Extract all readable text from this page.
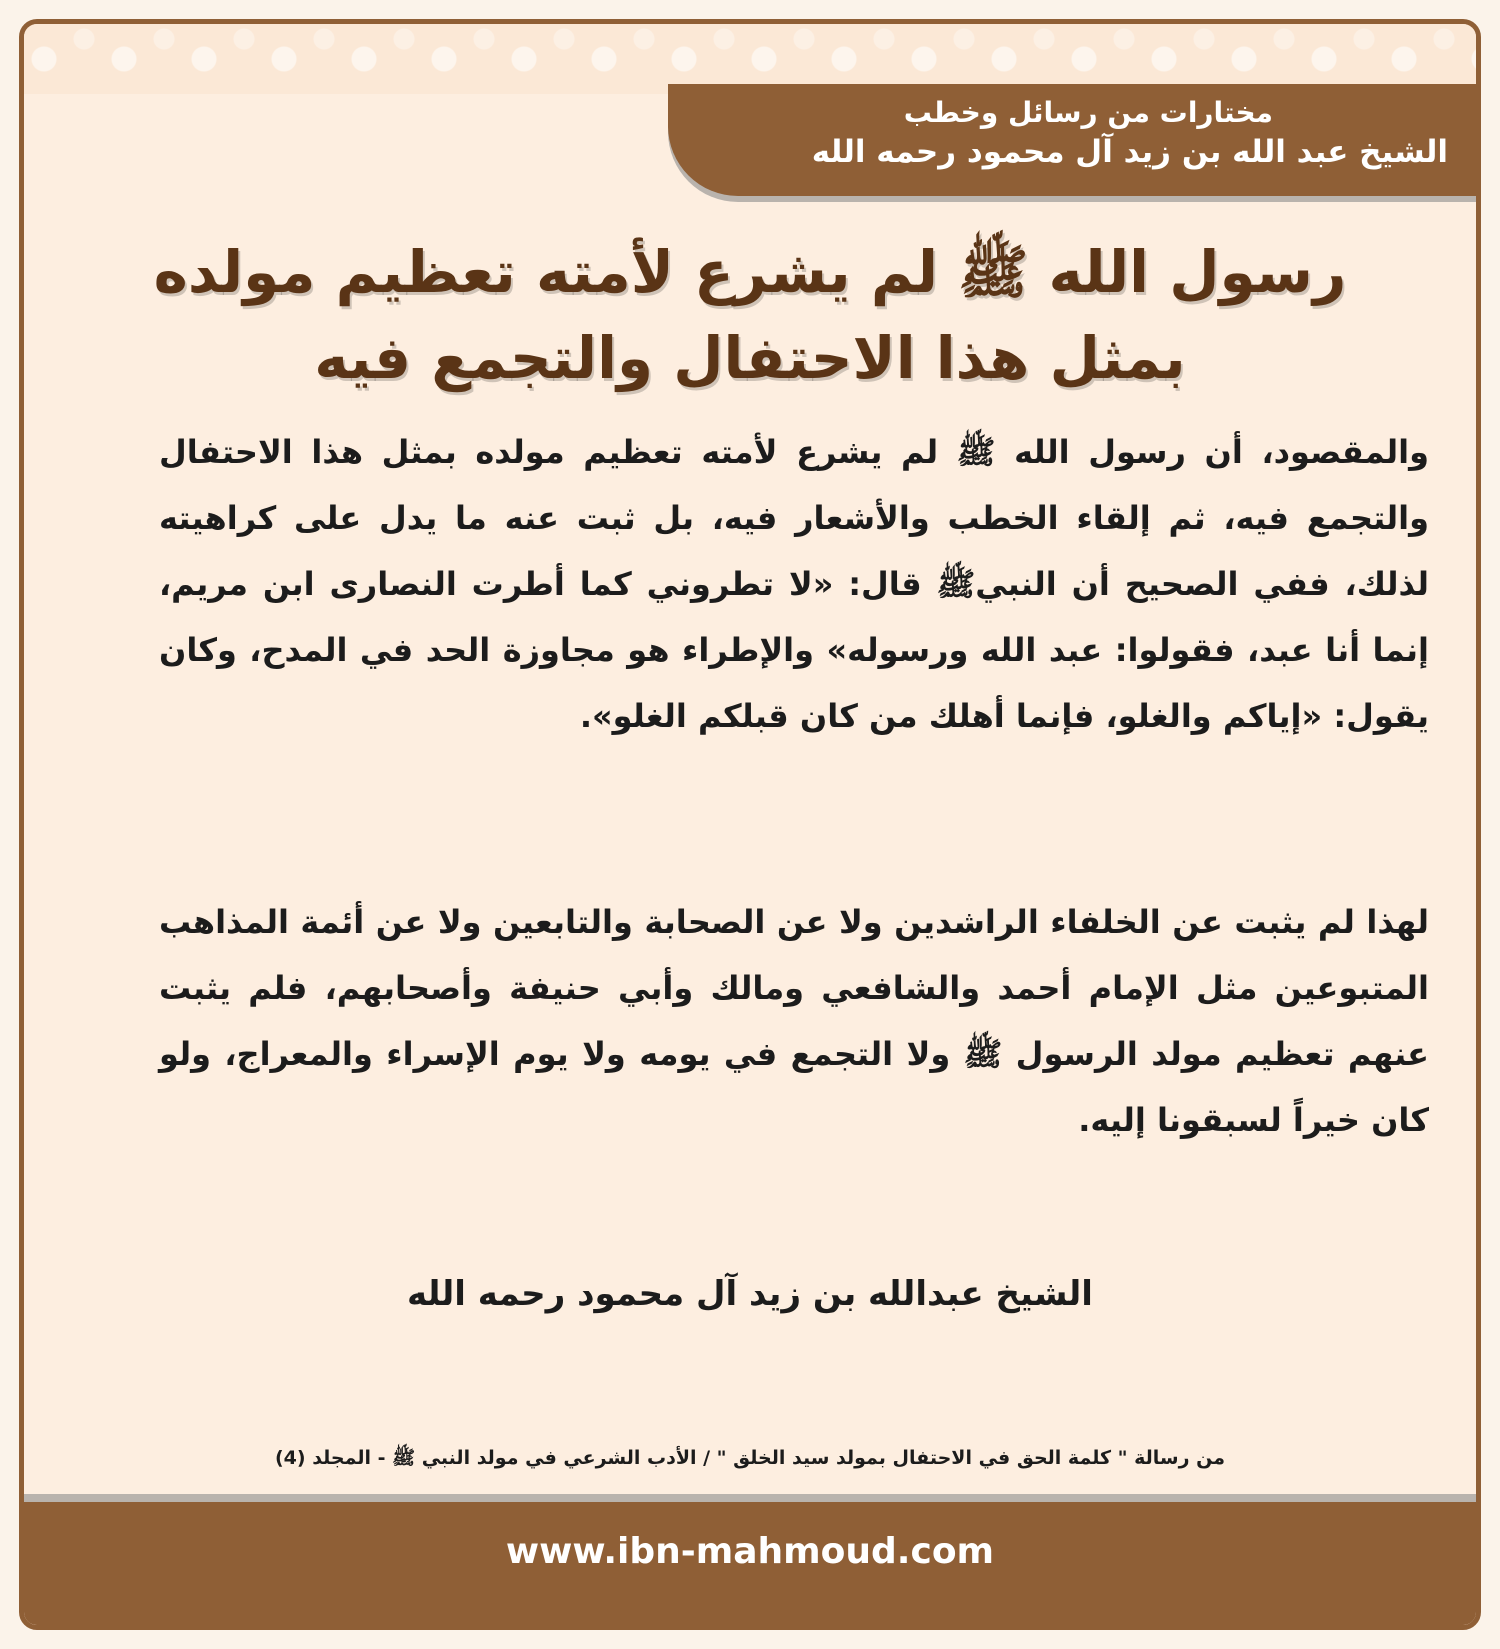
مختارات من رسائل وخطب
الشيخ عبد الله بن زيد آل محمود رحمه الله
رسول الله ﷺ لم يشرع لأمته تعظيم مولده
بمثل هذا الاحتفال والتجمع فيه
والمقصود، أن رسول الله ﷺ لم يشرع لأمته تعظيم مولده بمثل هذا الاحتفال والتجمع فيه، ثم إلقاء الخطب والأشعار فيه، بل ثبت عنه ما يدل على كراهيته لذلك، ففي الصحيح أن النبيﷺ قال: «لا تطروني كما أطرت النصارى ابن مريم، إنما أنا عبد، فقولوا: عبد الله ورسوله» والإطراء هو مجاوزة الحد في المدح، وكان يقول: «إياكم والغلو، فإنما أهلك من كان قبلكم الغلو».
لهذا لم يثبت عن الخلفاء الراشدين ولا عن الصحابة والتابعين ولا عن أئمة المذاهب المتبوعين مثل الإمام أحمد والشافعي ومالك وأبي حنيفة وأصحابهم، فلم يثبت عنهم تعظيم مولد الرسول ﷺ ولا التجمع في يومه ولا يوم الإسراء والمعراج، ولو كان خيراً لسبقونا إليه.
الشيخ عبدالله بن زيد آل محمود رحمه الله
من رسالة " كلمة الحق في الاحتفال بمولد سيد الخلق " / الأدب الشرعي في مولد النبي ﷺ - المجلد (4)
www.ibn-mahmoud.com
